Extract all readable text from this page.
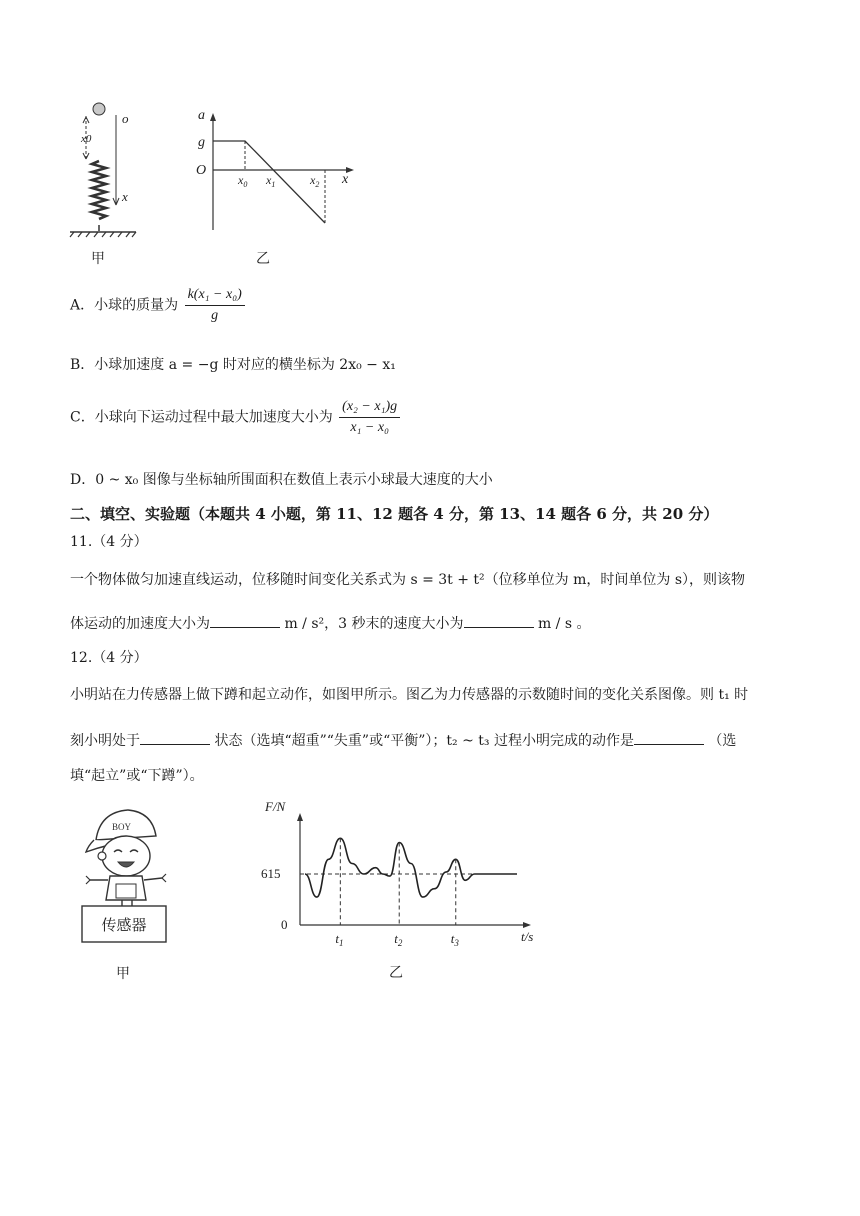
x0
o
x
甲
a
g
O
x
$x_0$ $x_1$	$x_2$
乙
A．小球的质量为 $\frac{\text{k(x₁ − x₀)}}{g}$
B．小球加速度 a = −g 时对应的横坐标为 2x₀ − x₁
C．小球向下运动过程中最大加速度大小为 $\frac{\text{(x₂ − x₁)g}}{\text{x₁ − x₀}}$
D．0 ~ x₀ 图像与坐标轴所围面积在数值上表示小球最大速度的大小
二、填空、实验题（本题共 4 小题，第 11、12 题各 4 分，第 13、14 题各 6 分，共 20 分）
11.（4 分）
一个物体做匀加速直线运动，位移随时间变化关系式为 s = 3t + t²（位移单位为 m，时间单位为 s），则该物
体运动的加速度大小为	m / s²，3 秒末的速度大小为	m / s 。
12.（4 分）
小明站在力传感器上做下蹲和起立动作，如图甲所示。图乙为力传感器的示数随时间的变化关系图像。则 t₁ 时
刻小明处于	状态（选填“超重”“失重”或“平衡”）；t₂ ~ t₃ 过程小明完成的动作是	（选
填“起立”或“下蹲”）。
BOY
传感器
甲
F/N
615
0
t/s
$t_1$	$t_2$	$t_3$
乙
